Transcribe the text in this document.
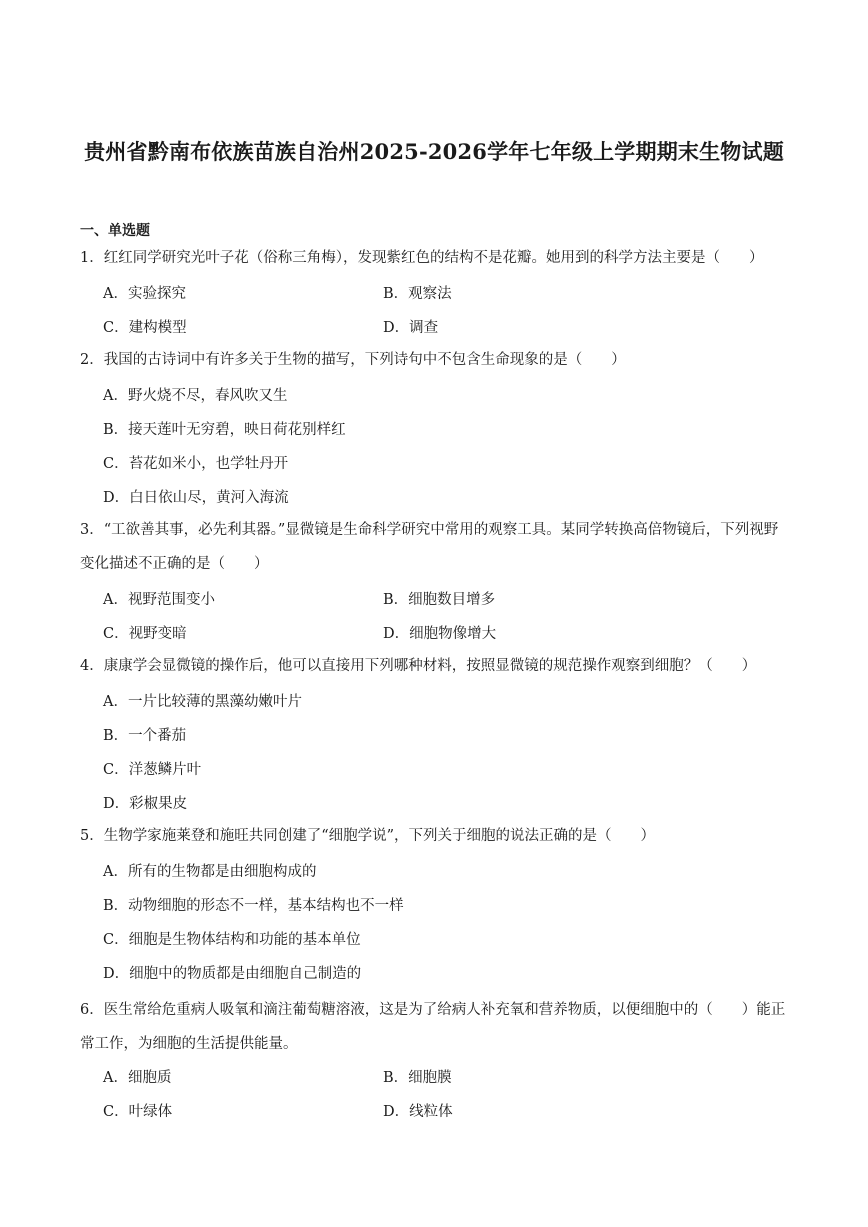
贵州省黔南布依族苗族自治州2025-2026学年七年级上学期期末生物试题
一、单选题
1．红红同学研究光叶子花（俗称三角梅），发现紫红色的结构不是花瓣。她用到的科学方法主要是（　　）
A．实验探究	B．观察法
C．建构模型	D．调查
2．我国的古诗词中有许多关于生物的描写，下列诗句中不包含生命现象的是（　　）
A．野火烧不尽，春风吹又生
B．接天莲叶无穷碧，映日荷花别样红
C．苔花如米小，也学牡丹开
D．白日依山尽，黄河入海流
3．“工欲善其事，必先利其器。”显微镜是生命科学研究中常用的观察工具。某同学转换高倍物镜后，下列视野变化描述不正确的是（　　）
A．视野范围变小	B．细胞数目增多
C．视野变暗	D．细胞物像增大
4．康康学会显微镜的操作后，他可以直接用下列哪种材料，按照显微镜的规范操作观察到细胞？（　　）
A．一片比较薄的黑藻幼嫩叶片
B．一个番茄
C．洋葱鳞片叶
D．彩椒果皮
5．生物学家施莱登和施旺共同创建了“细胞学说”，下列关于细胞的说法正确的是（　　）
A．所有的生物都是由细胞构成的
B．动物细胞的形态不一样，基本结构也不一样
C．细胞是生物体结构和功能的基本单位
D．细胞中的物质都是由细胞自己制造的
6．医生常给危重病人吸氧和滴注葡萄糖溶液，这是为了给病人补充氧和营养物质，以便细胞中的（　　）能正常工作，为细胞的生活提供能量。
A．细胞质	B．细胞膜
C．叶绿体	D．线粒体
